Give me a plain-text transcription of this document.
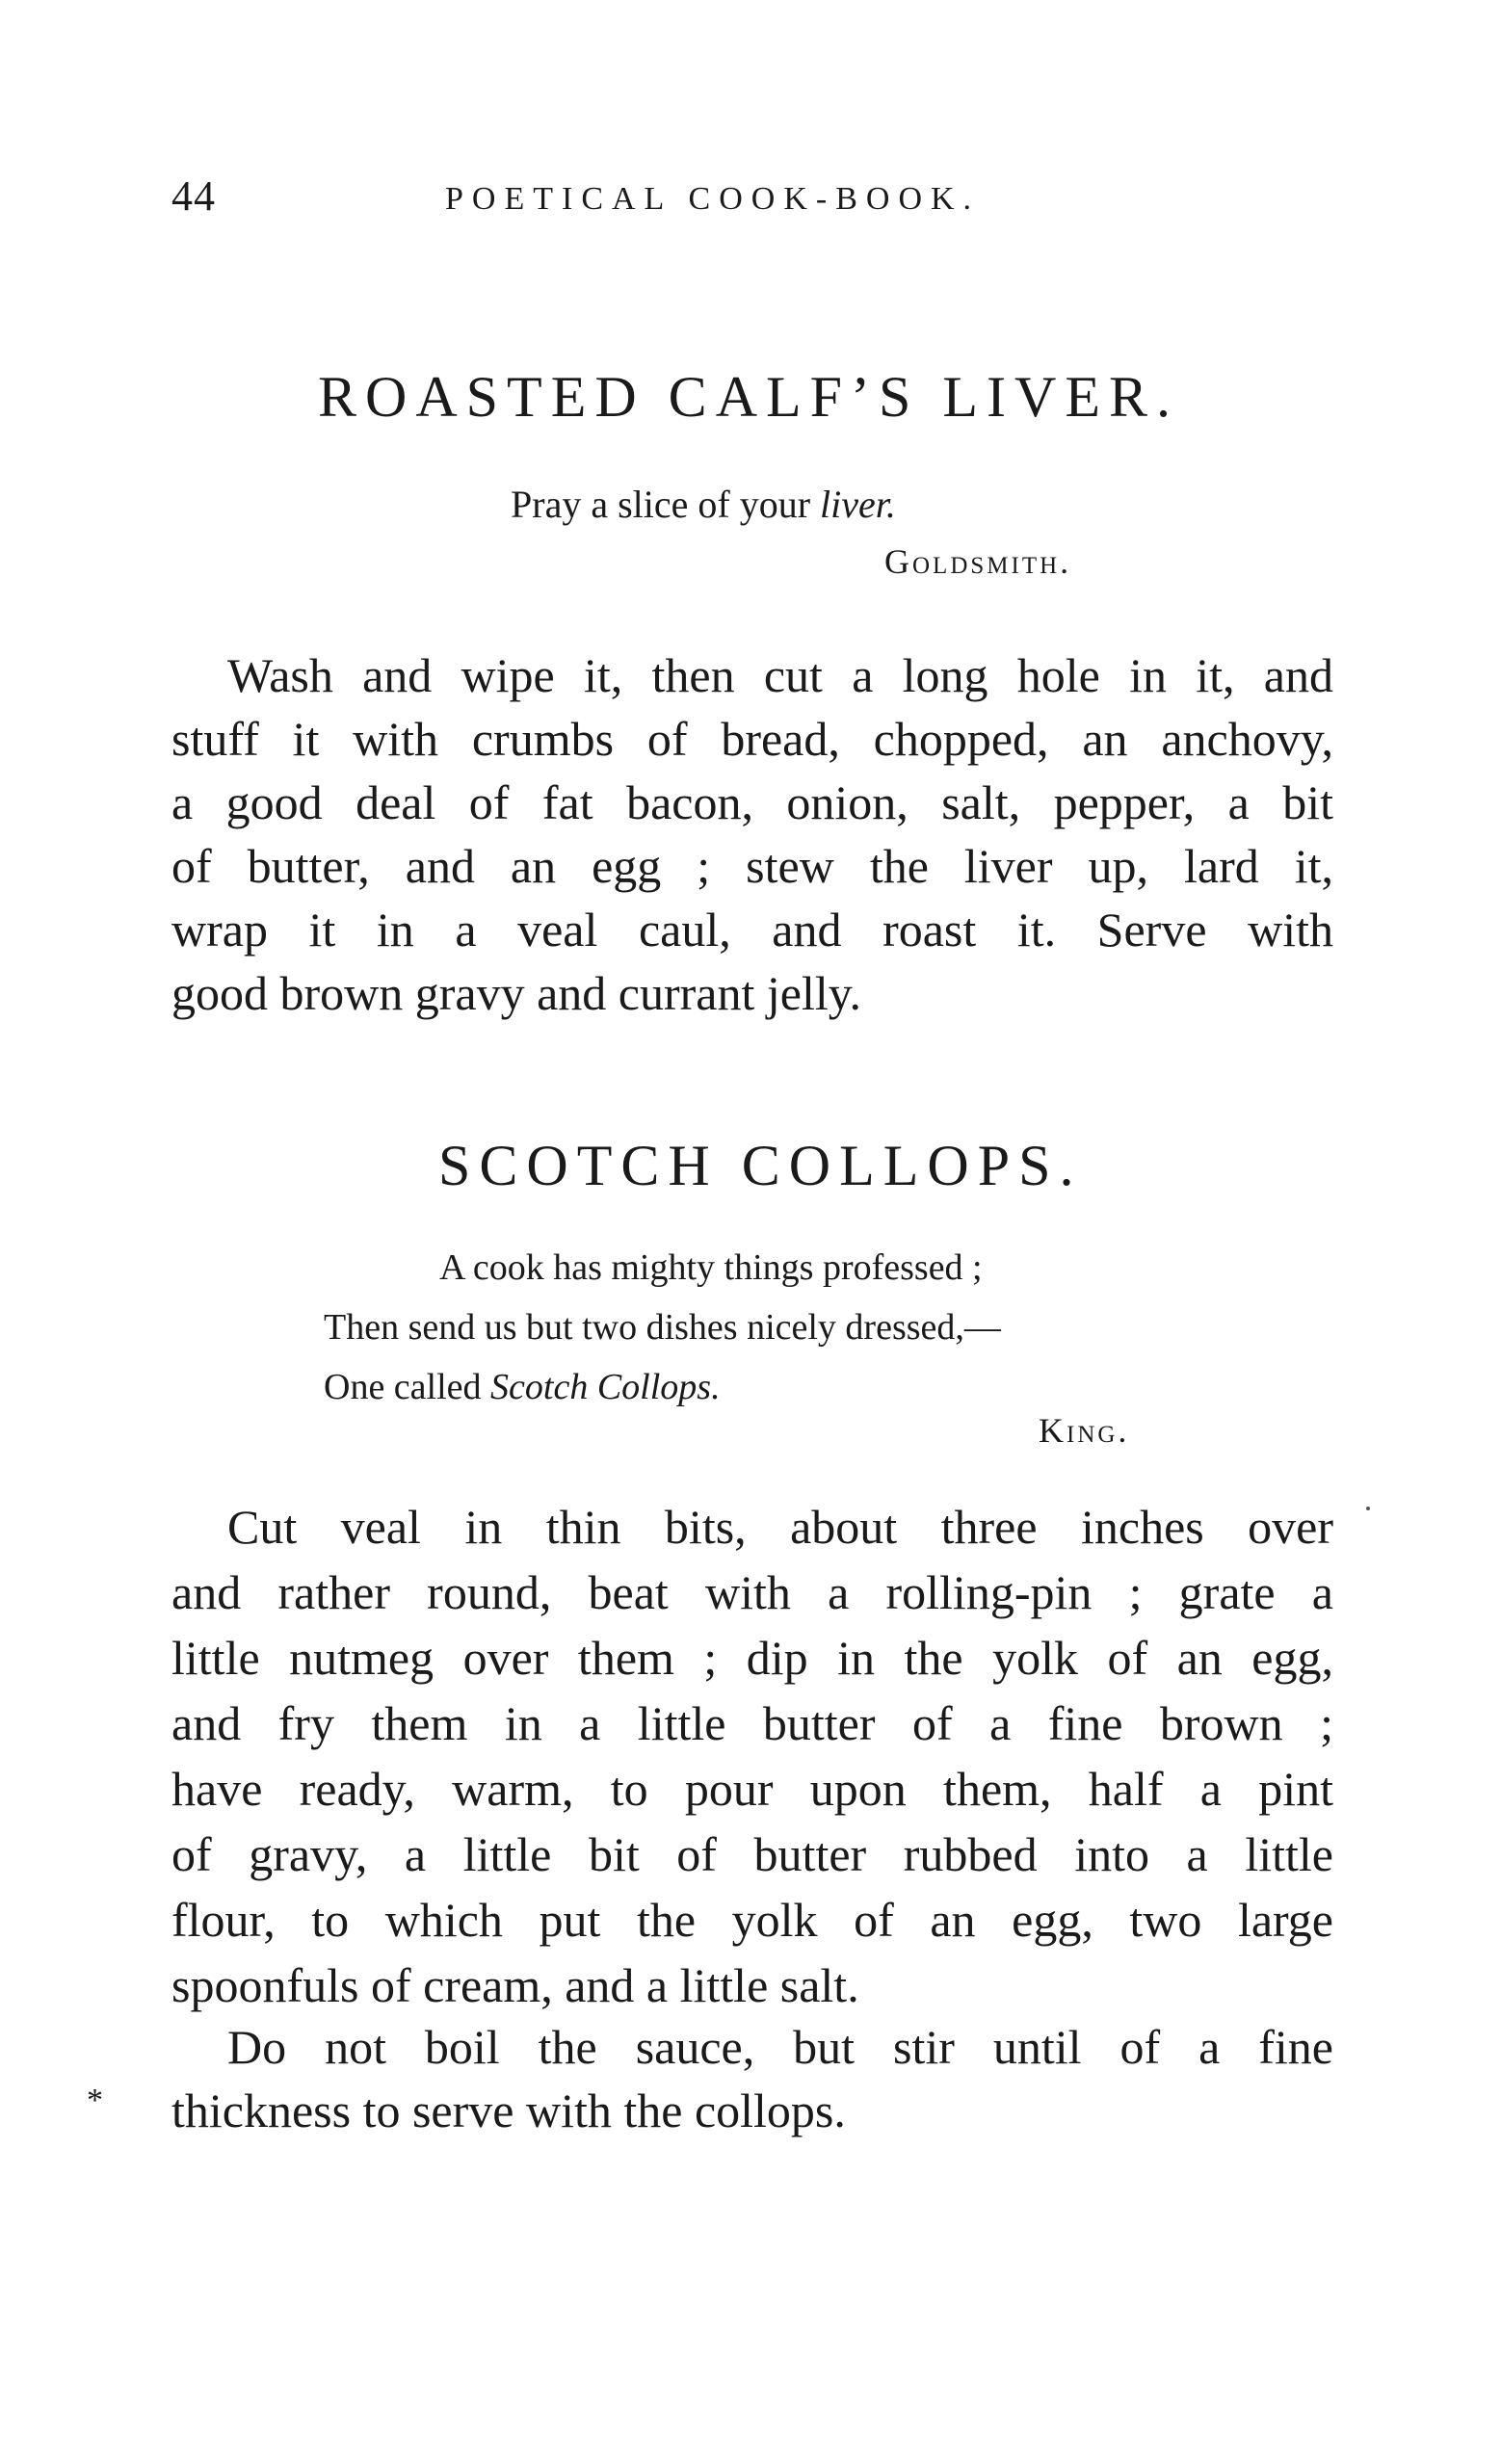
44	POETICAL COOK-BOOK.
ROASTED CALF’S LIVER.
Pray a slice of your liver.
Goldsmith.
Wash and wipe it, then cut a long hole in it, and
stuff it with crumbs of bread, chopped, an anchovy,
a good deal of fat bacon, onion, salt, pepper, a bit
of butter, and an egg ; stew the liver up, lard it,
wrap it in a veal caul, and roast it. Serve with
good brown gravy and currant jelly.
SCOTCH COLLOPS.
A cook has mighty things professed ;
Then send us but two dishes nicely dressed,—
One called Scotch Collops.
King.
Cut veal in thin bits, about three inches over
and rather round, beat with a rolling-pin ; grate a
little nutmeg over them ; dip in the yolk of an egg,
and fry them in a little butter of a fine brown ;
have ready, warm, to pour upon them, half a pint
of gravy, a little bit of butter rubbed into a little
flour, to which put the yolk of an egg, two large
spoonfuls of cream, and a little salt.
Do not boil the sauce, but stir until of a fine
thickness to serve with the collops.
*
